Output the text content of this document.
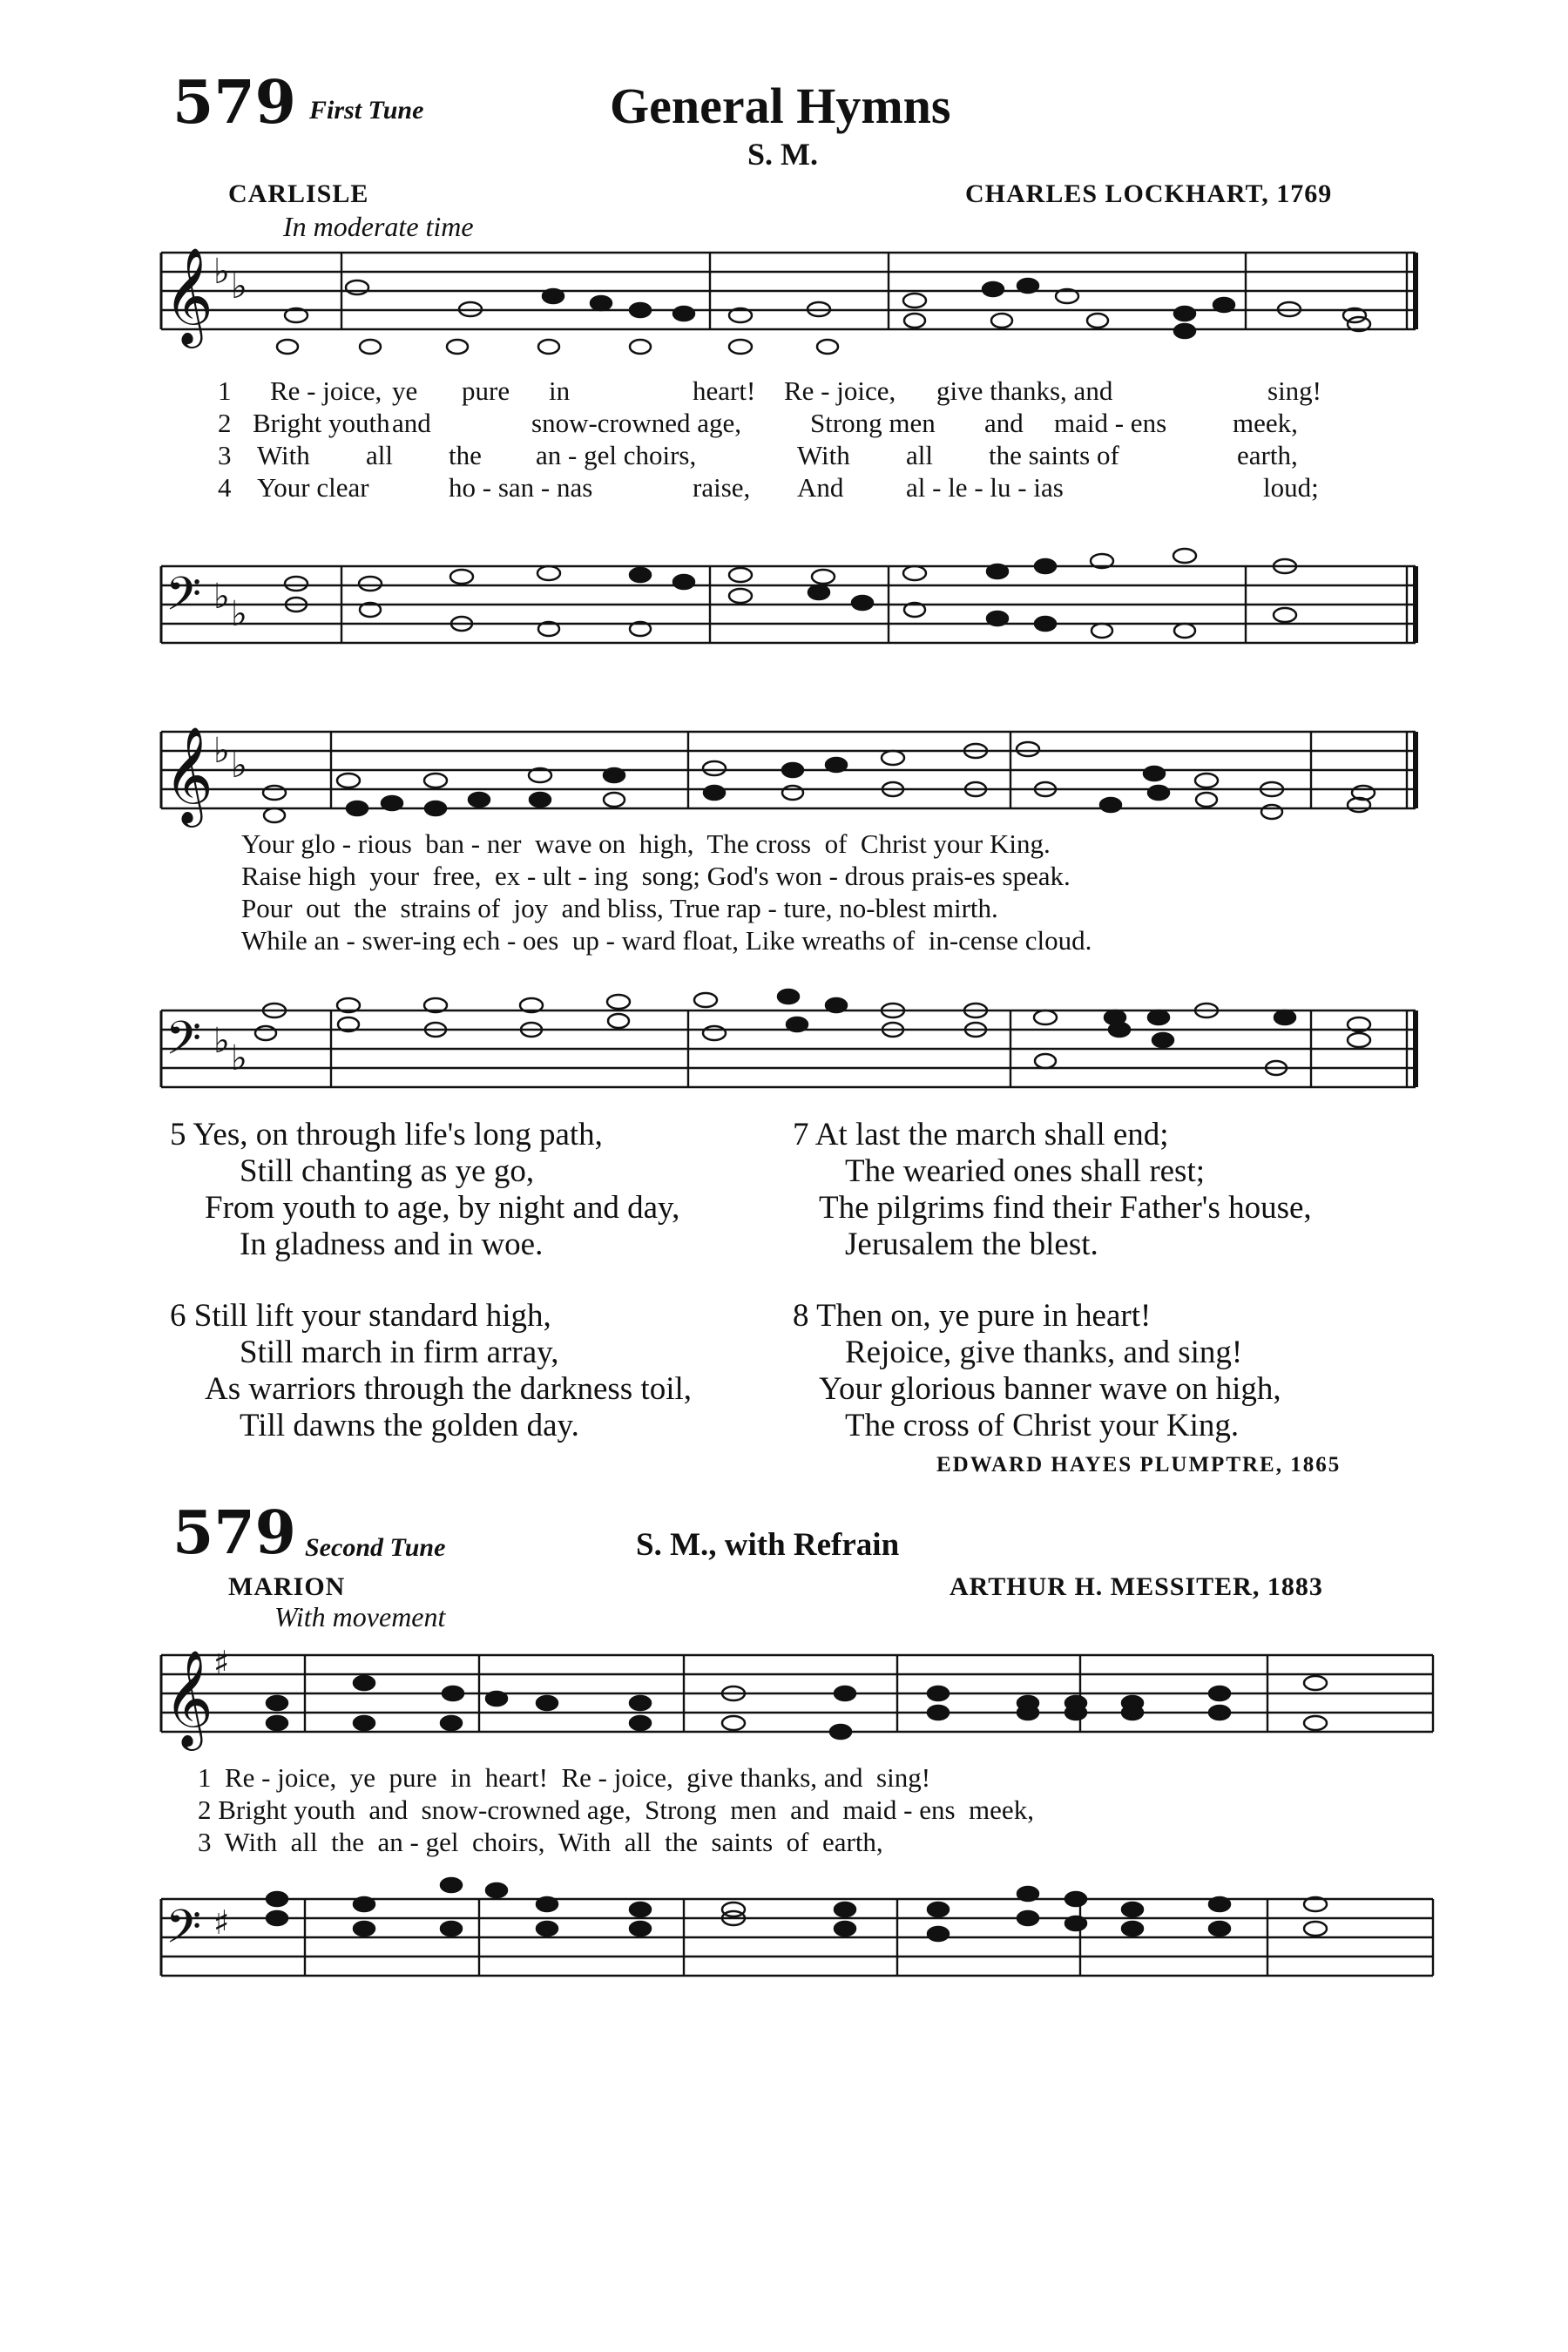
579 First Tune	General Hymns
S. M.
CARLISLE	CHARLES LOCKHART, 1769
In moderate time
𝄞 ♭ ♭
1 Re - joice, ye pure in	heart! Re - joice, give thanks, and	sing!
2 Bright youth and	snow-crowned age,	Strong men and maid - ens meek,
3 With all the an - gel choirs,	With all the saints of	earth,
4 Your clear	ho - san - nas	raise, And al - le - lu - ias	loud;
𝄢 ♭ ♭
𝄞 ♭ ♭
Your glo - rious  ban - ner  wave on  high,  The cross  of  Christ your King.
Raise high  your  free,  ex - ult - ing  song; God's won - drous prais-es speak.
Pour  out  the  strains of  joy  and bliss, True rap - ture, no-blest mirth.
While an - swer-ing ech - oes  up - ward float, Like wreaths of  in-cense cloud.
𝄢 ♭ ♭
5 Yes, on through life's long path,
Still chanting as ye go,
From youth to age, by night and day,
In gladness and in woe.
7 At last the march shall end;
The wearied ones shall rest;
The pilgrims find their Father's house,
Jerusalem the blest.
6 Still lift your standard high,
Still march in firm array,
As warriors through the darkness toil,
Till dawns the golden day.
8 Then on, ye pure in heart!
Rejoice, give thanks, and sing!
Your glorious banner wave on high,
The cross of Christ your King.
EDWARD HAYES PLUMPTRE, 1865
579 Second Tune	S. M., with Refrain
MARION	ARTHUR H. MESSITER, 1883
With movement
𝄞 ♯
1  Re - joice,  ye  pure  in  heart!  Re - joice,  give thanks, and  sing!
2 Bright youth  and  snow-crowned age,  Strong  men  and  maid - ens  meek,
3  With  all  the  an - gel  choirs,  With  all  the  saints  of  earth,
𝄢 ♯
